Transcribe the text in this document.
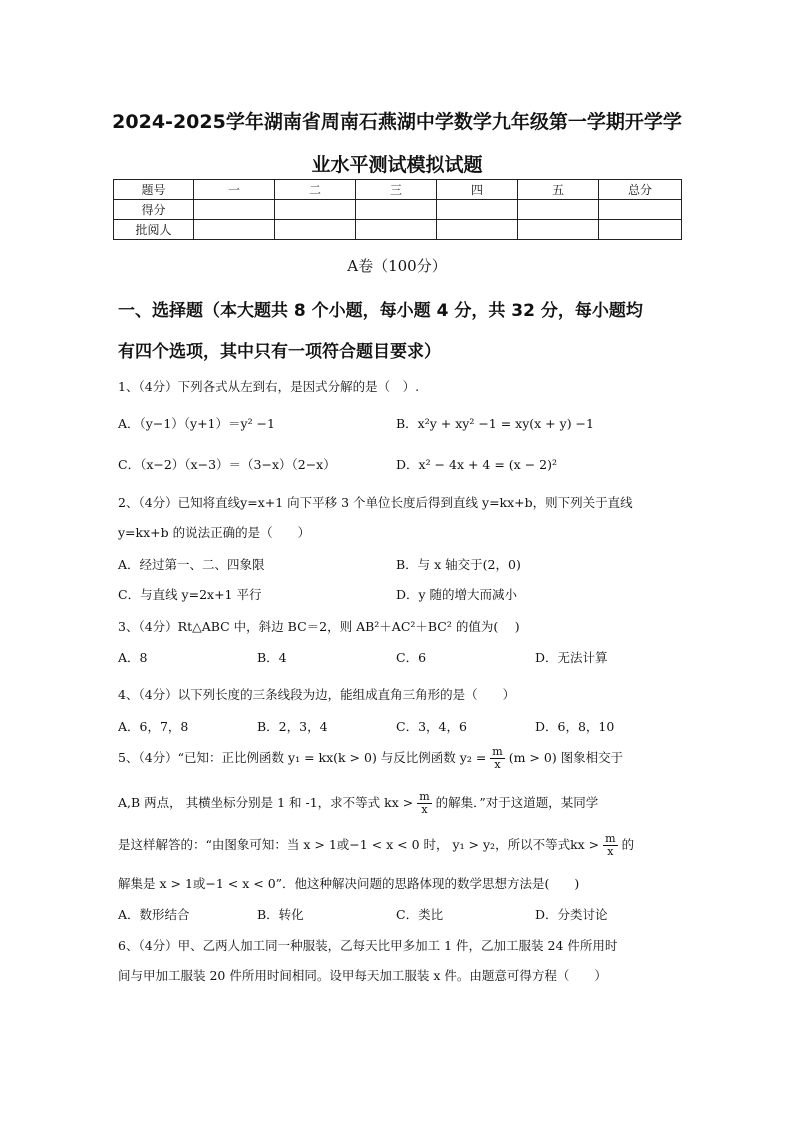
2024-2025学年湖南省周南石燕湖中学数学九年级第一学期开学学
业水平测试模拟试题
题号	一	二	三	四	五	总分
得分						
批阅人						
A卷（100分）
一、选择题（本大题共 8 个小题，每小题 4 分，共 32 分，每小题均
有四个选项，其中只有一项符合题目要求）
1、（4分）下列各式从左到右，是因式分解的是（　）.
A．（y−1）（y+1）＝y² −1	B．x²y + xy² −1 = xy(x + y) −1
C．（x−2）（x−3）＝（3−x）（2−x）	D．x² − 4x + 4 = (x − 2)²
2、（4分）已知将直线y=x+1 向下平移 3 个单位长度后得到直线 y=kx+b，则下列关于直线
y=kx+b 的说法正确的是（　　）
A．经过第一、二、四象限	B．与 x 轴交于(2，0)
C．与直线 y=2x+1 平行	D．y 随的增大而减小
3、（4分）Rt△ABC 中，斜边 BC＝2，则 AB²＋AC²＋BC² 的值为(　 )
A．8	B．4	C．6	D．无法计算
4、（4分）以下列长度的三条线段为边，能组成直角三角形的是（　　）
A．6，7，8	B．2，3，4	C．3，4，6	D．6，8，10
5、（4分）“已知：正比例函数 y₁ = kx(k > 0) 与反比例函数 $y_2 = \frac{m}{x} (m > 0)$ 图象相交于
A,B 两点， 其横坐标分别是 1 和 -1，求不等式 kx > $\frac{m}{x}$ 的解集．”对于这道题，某同学
是这样解答的：“由图象可知：当 x > 1或−1 < x < 0 时， y₁ > y₂，所以不等式kx > $\frac{m}{x}$ 的
解集是 x > 1或−1 < x < 0”．他这种解决问题的思路体现的数学思想方法是(　　)
A．数形结合	B．转化	C．类比	D．分类讨论
6、（4分）甲、乙两人加工同一种服装，乙每天比甲多加工 1 件，乙加工服装 24 件所用时
间与甲加工服装 20 件所用时间相同。设甲每天加工服装 x 件。由题意可得方程（　　）
